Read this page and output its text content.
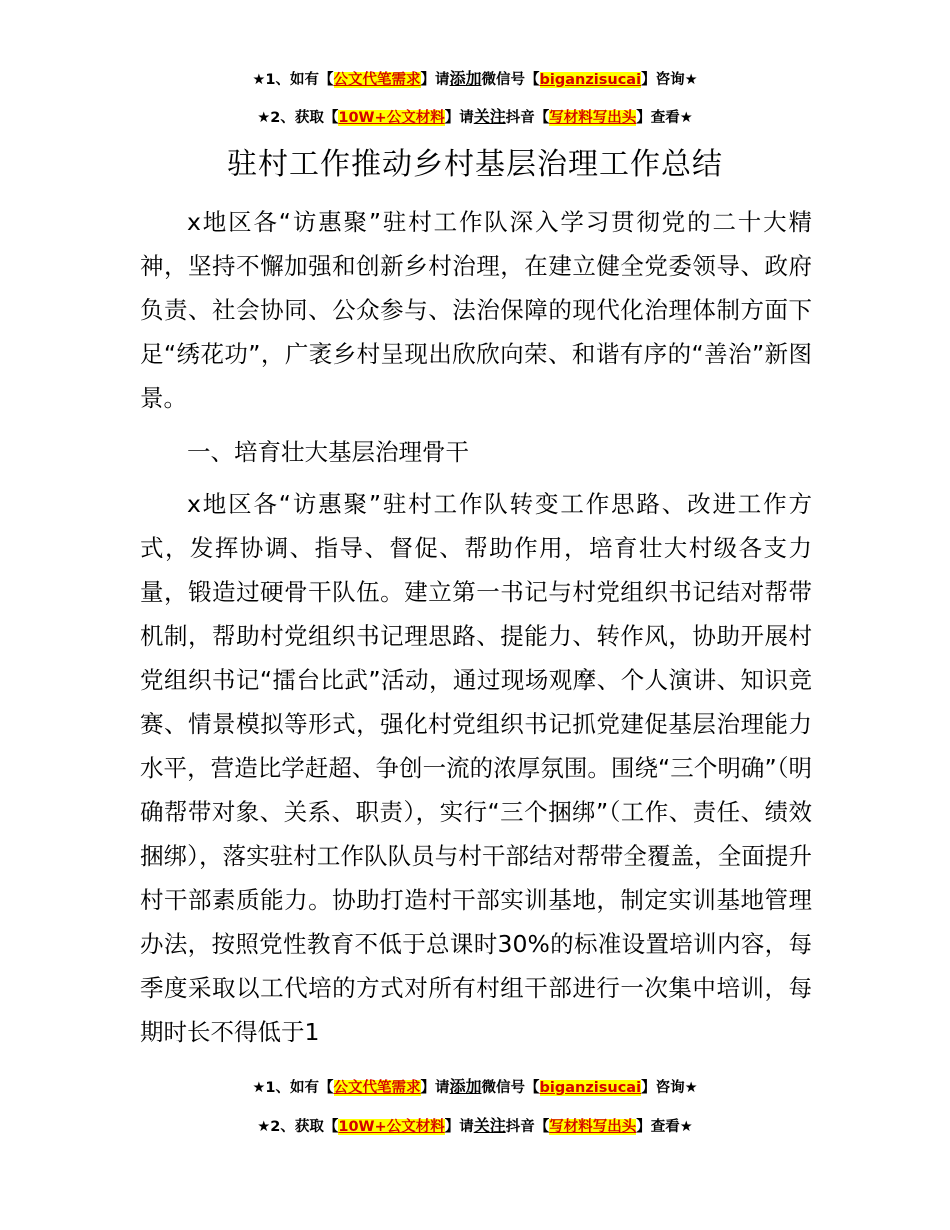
★1、如有【公文代笔需求】请添加微信号【biganzisucai】咨询★
★2、获取【10W+公文材料】请关注抖音【写材料写出头】查看★
驻村工作推动乡村基层治理工作总结

x地区各“访惠聚”驻村工作队深入学习贯彻党的二十大精神，坚持不懈加强和创新乡村治理，在建立健全党委领导、政府负责、社会协同、公众参与、法治保障的现代化治理体制方面下足“绣花功”，广袤乡村呈现出欣欣向荣、和谐有序的“善治”新图景。

一、培育壮大基层治理骨干

x地区各“访惠聚”驻村工作队转变工作思路、改进工作方式，发挥协调、指导、督促、帮助作用，培育壮大村级各支力量，锻造过硬骨干队伍。建立第一书记与村党组织书记结对帮带机制，帮助村党组织书记理思路、提能力、转作风，协助开展村党组织书记“擂台比武”活动，通过现场观摩、个人演讲、知识竞赛、情景模拟等形式，强化村党组织书记抓党建促基层治理能力水平，营造比学赶超、争创一流的浓厚氛围。围绕“三个明确”（明确帮带对象、关系、职责），实行“三个捆绑”（工作、责任、绩效捆绑），落实驻村工作队队员与村干部结对帮带全覆盖，全面提升村干部素质能力。协助打造村干部实训基地，制定实训基地管理办法，按照党性教育不低于总课时30%的标准设置培训内容，每季度采取以工代培的方式对所有村组干部进行一次集中培训，每期时长不得低于1

★1、如有【公文代笔需求】请添加微信号【biganzisucai】咨询★
★2、获取【10W+公文材料】请关注抖音【写材料写出头】查看★
